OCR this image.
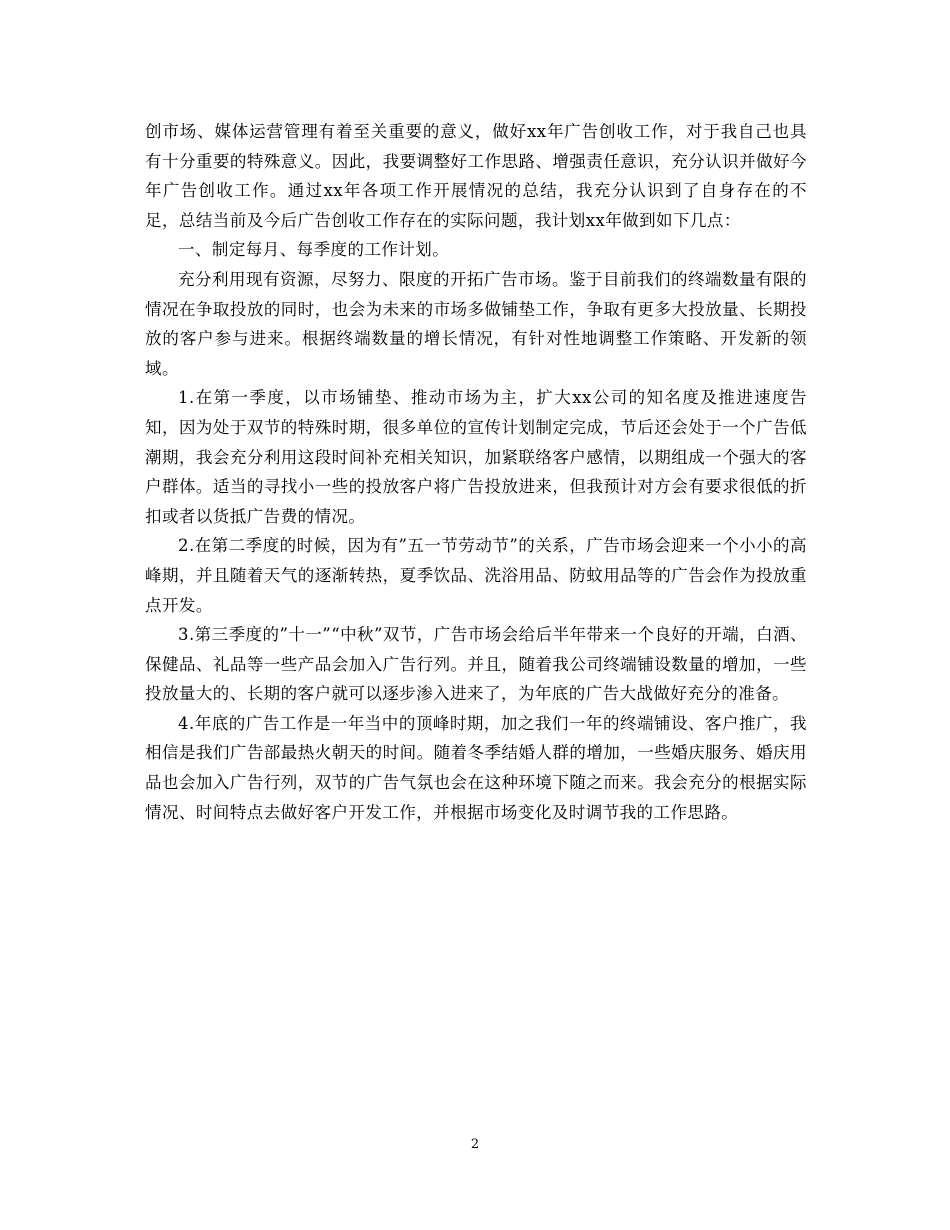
创市场、媒体运营管理有着至关重要的意义，做好xx年广告创收工作，对于我自己也具有十分重要的特殊意义。因此，我要调整好工作思路、增强责任意识，充分认识并做好今年广告创收工作。通过xx年各项工作开展情况的总结，我充分认识到了自身存在的不足，总结当前及今后广告创收工作存在的实际问题，我计划xx年做到如下几点：

一、制定每月、每季度的工作计划。

充分利用现有资源，尽努力、限度的开拓广告市场。鉴于目前我们的终端数量有限的情况在争取投放的同时，也会为未来的市场多做铺垫工作，争取有更多大投放量、长期投放的客户参与进来。根据终端数量的增长情况，有针对性地调整工作策略、开发新的领域。

1.在第一季度，以市场铺垫、推动市场为主，扩大xx公司的知名度及推进速度告知，因为处于双节的特殊时期，很多单位的宣传计划制定完成，节后还会处于一个广告低潮期，我会充分利用这段时间补充相关知识，加紧联络客户感情，以期组成一个强大的客户群体。适当的寻找小一些的投放客户将广告投放进来，但我预计对方会有要求很低的折扣或者以货抵广告费的情况。

2.在第二季度的时候，因为有”五一节劳动节”的关系，广告市场会迎来一个小小的高峰期，并且随着天气的逐渐转热，夏季饮品、洗浴用品、防蚊用品等的广告会作为投放重点开发。

3.第三季度的”十一”“中秋”双节，广告市场会给后半年带来一个良好的开端，白酒、保健品、礼品等一些产品会加入广告行列。并且，随着我公司终端铺设数量的增加，一些投放量大的、长期的客户就可以逐步渗入进来了，为年底的广告大战做好充分的准备。

4.年底的广告工作是一年当中的顶峰时期，加之我们一年的终端铺设、客户推广，我相信是我们广告部最热火朝天的时间。随着冬季结婚人群的增加，一些婚庆服务、婚庆用品也会加入广告行列，双节的广告气氛也会在这种环境下随之而来。我会充分的根据实际情况、时间特点去做好客户开发工作，并根据市场变化及时调节我的工作思路。

2
